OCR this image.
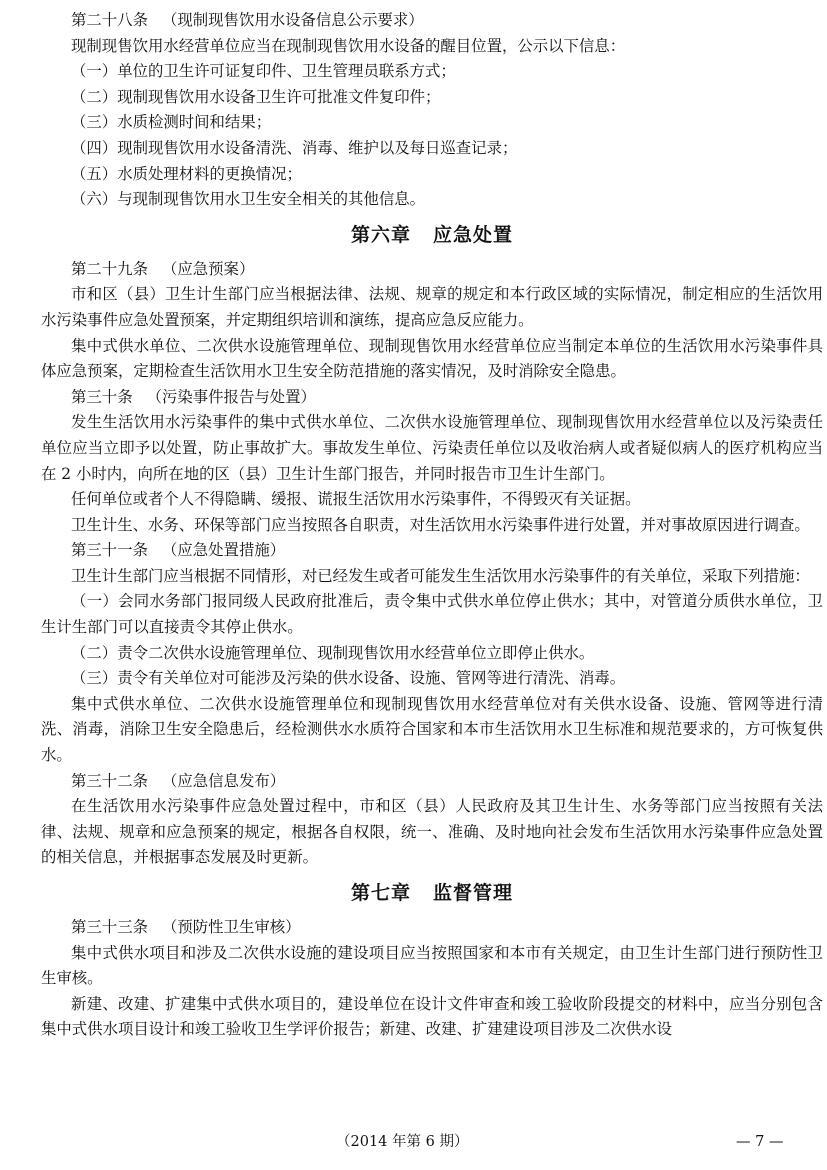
第二十八条 （现制现售饮用水设备信息公示要求）

现制现售饮用水经营单位应当在现制现售饮用水设备的醒目位置，公示以下信息：

（一）单位的卫生许可证复印件、卫生管理员联系方式；

（二）现制现售饮用水设备卫生许可批准文件复印件；

（三）水质检测时间和结果；

（四）现制现售饮用水设备清洗、消毒、维护以及每日巡查记录；

（五）水质处理材料的更换情况；

（六）与现制现售饮用水卫生安全相关的其他信息。

第六章 应急处置

第二十九条 （应急预案）

市和区（县）卫生计生部门应当根据法律、法规、规章的规定和本行政区域的实际情况，制定相应的生活饮用水污染事件应急处置预案，并定期组织培训和演练，提高应急反应能力。

集中式供水单位、二次供水设施管理单位、现制现售饮用水经营单位应当制定本单位的生活饮用水污染事件具体应急预案，定期检查生活饮用水卫生安全防范措施的落实情况，及时消除安全隐患。

第三十条 （污染事件报告与处置）

发生生活饮用水污染事件的集中式供水单位、二次供水设施管理单位、现制现售饮用水经营单位以及污染责任单位应当立即予以处置，防止事故扩大。事故发生单位、污染责任单位以及收治病人或者疑似病人的医疗机构应当在 2 小时内，向所在地的区（县）卫生计生部门报告，并同时报告市卫生计生部门。

任何单位或者个人不得隐瞒、缓报、谎报生活饮用水污染事件，不得毁灭有关证据。

卫生计生、水务、环保等部门应当按照各自职责，对生活饮用水污染事件进行处置，并对事故原因进行调查。

第三十一条 （应急处置措施）

卫生计生部门应当根据不同情形，对已经发生或者可能发生生活饮用水污染事件的有关单位，采取下列措施：

（一）会同水务部门报同级人民政府批准后，责令集中式供水单位停止供水；其中，对管道分质供水单位，卫生计生部门可以直接责令其停止供水。

（二）责令二次供水设施管理单位、现制现售饮用水经营单位立即停止供水。

（三）责令有关单位对可能涉及污染的供水设备、设施、管网等进行清洗、消毒。

集中式供水单位、二次供水设施管理单位和现制现售饮用水经营单位对有关供水设备、设施、管网等进行清洗、消毒，消除卫生安全隐患后，经检测供水水质符合国家和本市生活饮用水卫生标准和规范要求的，方可恢复供水。

第三十二条 （应急信息发布）

在生活饮用水污染事件应急处置过程中，市和区（县）人民政府及其卫生计生、水务等部门应当按照有关法律、法规、规章和应急预案的规定，根据各自权限，统一、准确、及时地向社会发布生活饮用水污染事件应急处置的相关信息，并根据事态发展及时更新。

第七章 监督管理

第三十三条 （预防性卫生审核）

集中式供水项目和涉及二次供水设施的建设项目应当按照国家和本市有关规定，由卫生计生部门进行预防性卫生审核。

新建、改建、扩建集中式供水项目的，建设单位在设计文件审查和竣工验收阶段提交的材料中，应当分别包含集中式供水项目设计和竣工验收卫生学评价报告；新建、改建、扩建建设项目涉及二次供水设

（2014 年第 6 期）	— 7 —
